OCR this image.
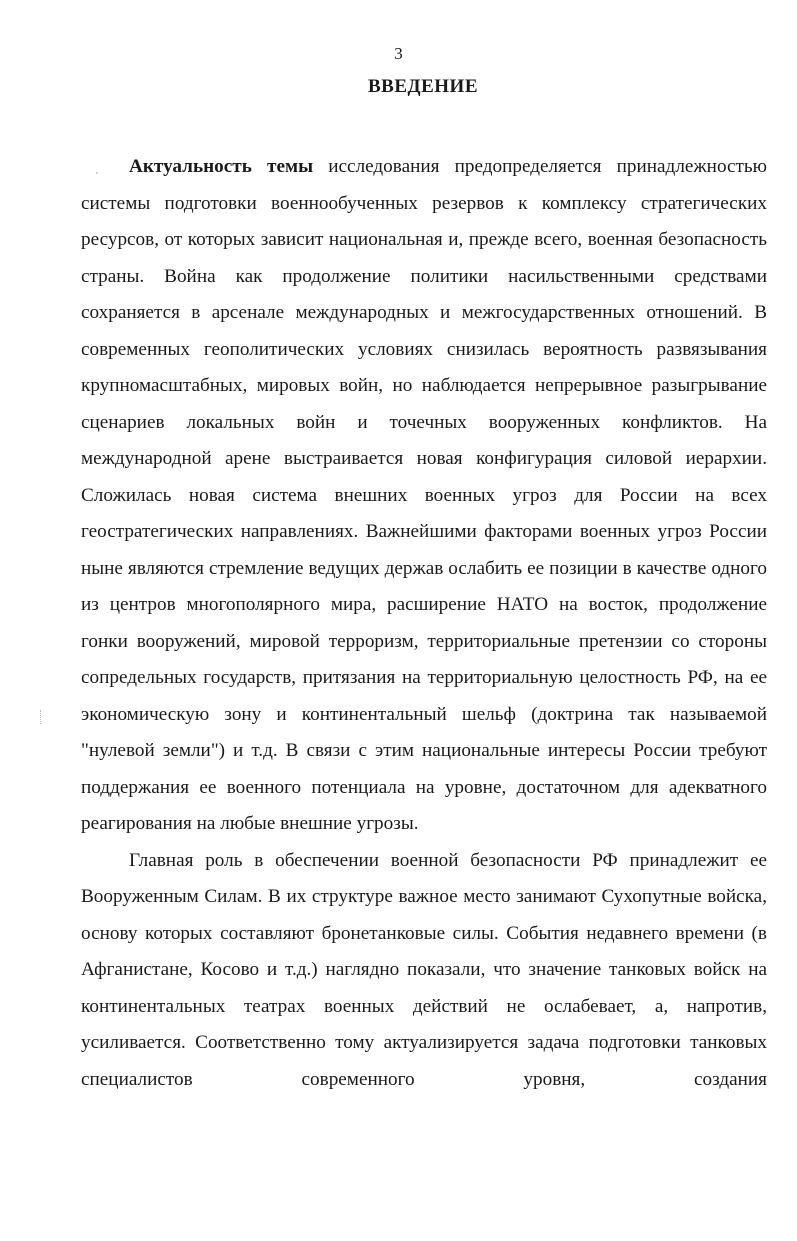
3
ВВЕДЕНИЕ

Актуальность темы исследования предопределяется принадлежностью системы подготовки военнообученных резервов к комплексу стратегических ресурсов, от которых зависит национальная и, прежде всего, военная безопасность страны. Война как продолжение политики насильственными средствами сохраняется в арсенале международных и межгосударственных отношений. В современных геополитических условиях снизилась вероятность развязывания крупномасштабных, мировых войн, но наблюдается непрерывное разыгрывание сценариев локальных войн и точечных вооруженных конфликтов. На международной арене выстраивается новая конфигурация силовой иерархии. Сложилась новая система внешних военных угроз для России на всех геостратегических направлениях. Важнейшими факторами военных угроз России ныне являются стремление ведущих держав ослабить ее позиции в качестве одного из центров многополярного мира, расширение НАТО на восток, продолжение гонки вооружений, мировой терроризм, территориальные претензии со стороны сопредельных государств, притязания на территориальную целостность РФ, на ее экономическую зону и континентальный шельф (доктрина так называемой "нулевой земли") и т.д. В связи с этим национальные интересы России требуют поддержания ее военного потенциала на уровне, достаточном для адекватного реагирования на любые внешние угрозы.

Главная роль в обеспечении военной безопасности РФ принадлежит ее Вооруженным Силам. В их структуре важное место занимают Сухопутные войска, основу которых составляют бронетанковые силы. События недавнего времени (в Афганистане, Косово и т.д.) наглядно показали, что значение танковых войск на континентальных театрах военных действий не ослабевает, а, напротив, усиливается. Соответственно тому актуализируется задача подготовки танковых специалистов современного уровня, создания
